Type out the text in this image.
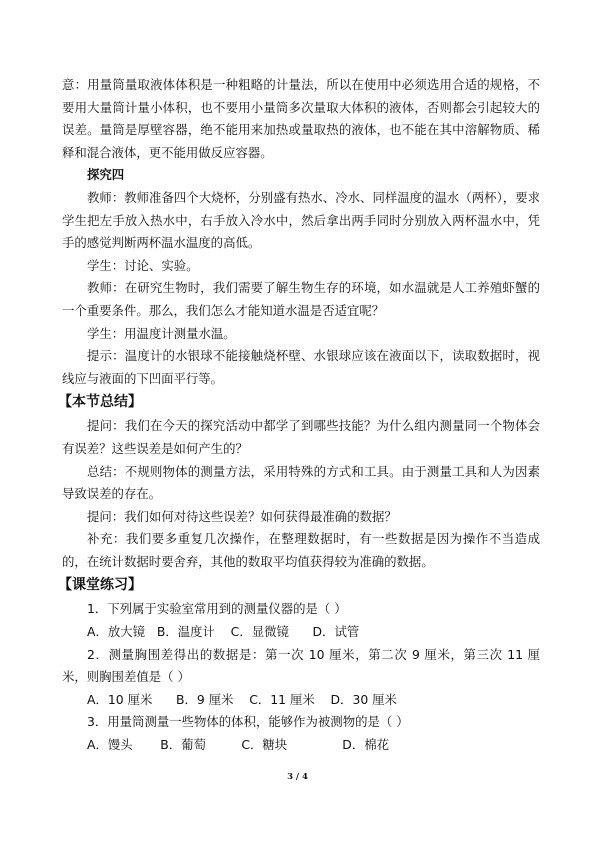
意：用量筒量取液体体积是一种粗略的计量法，所以在使用中必须选用合适的规格，不要用大量筒计量小体积，也不要用小量筒多次量取大体积的液体，否则都会引起较大的误差。量筒是厚壁容器，绝不能用来加热或量取热的液体，也不能在其中溶解物质、稀释和混合液体，更不能用做反应容器。

探究四

教师：教师准备四个大烧杯，分别盛有热水、冷水、同样温度的温水（两杯），要求学生把左手放入热水中，右手放入冷水中，然后拿出两手同时分别放入两杯温水中，凭手的感觉判断两杯温水温度的高低。

学生：讨论、实验。

教师：在研究生物时，我们需要了解生物生存的环境，如水温就是人工养殖虾蟹的一个重要条件。那么，我们怎么才能知道水温是否适宜呢？

学生：用温度计测量水温。

提示：温度计的水银球不能接触烧杯壁、水银球应该在液面以下，读取数据时，视线应与液面的下凹面平行等。

【本节总结】

提问：我们在今天的探究活动中都学了到哪些技能？为什么组内测量同一个物体会有误差？这些误差是如何产生的？

总结：不规则物体的测量方法，采用特殊的方式和工具。由于测量工具和人为因素导致误差的存在。

提问：我们如何对待这些误差？如何获得最准确的数据？

补充：我们要多重复几次操作，在整理数据时，有一些数据是因为操作不当造成的，在统计数据时要舍弃，其他的数取平均值获得较为准确的数据。

【课堂练习】

1．下列属于实验室常用到的测量仪器的是（ ）

A．放大镜   B．温度计    C．显微镜      D．试管

2．测量胸围差得出的数据是：第一次 10 厘米，第二次 9 厘米，第三次 11 厘米，则胸围差值是（ ）

A．10 厘米      B．9 厘米    C．11 厘米    D．30 厘米

3．用量筒测量一些物体的体积，能够作为被测物的是（ ）

A．馒头       B．葡萄         C．糖块              D．棉花

3 / 4
